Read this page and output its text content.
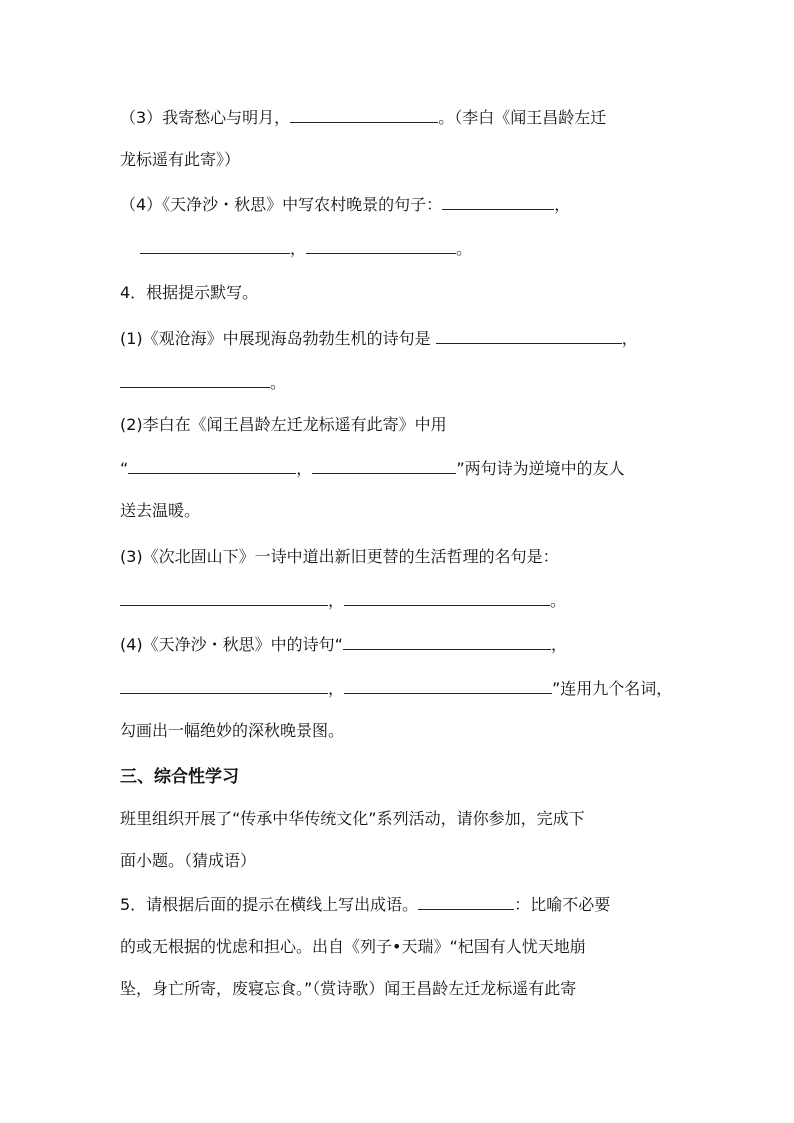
（3）我寄愁心与明月，	。（李白《闻王昌龄左迁
龙标遥有此寄》）
（4）《天净沙・秋思》中写农村晚景的句子：	，
，	。
4．根据提示默写。
(1)《观沧海》中展现海岛勃勃生机的诗句是	，
。
(2)李白在《闻王昌龄左迁龙标遥有此寄》中用
“	，	”两句诗为逆境中的友人
送去温暖。
(3)《次北固山下》一诗中道出新旧更替的生活哲理的名句是：
，	。
(4)《天净沙・秋思》中的诗句“	，
，	”连用九个名词，
勾画出一幅绝妙的深秋晚景图。
三、综合性学习
班里组织开展了“传承中华传统文化”系列活动，请你参加，完成下
面小题。（猜成语）
5．请根据后面的提示在横线上写出成语。	：比喻不必要
的或无根据的忧虑和担心。出自《列子•天瑞》“杞国有人忧天地崩
坠，身亡所寄，废寝忘食。”（赏诗歌）闻王昌龄左迁龙标遥有此寄
